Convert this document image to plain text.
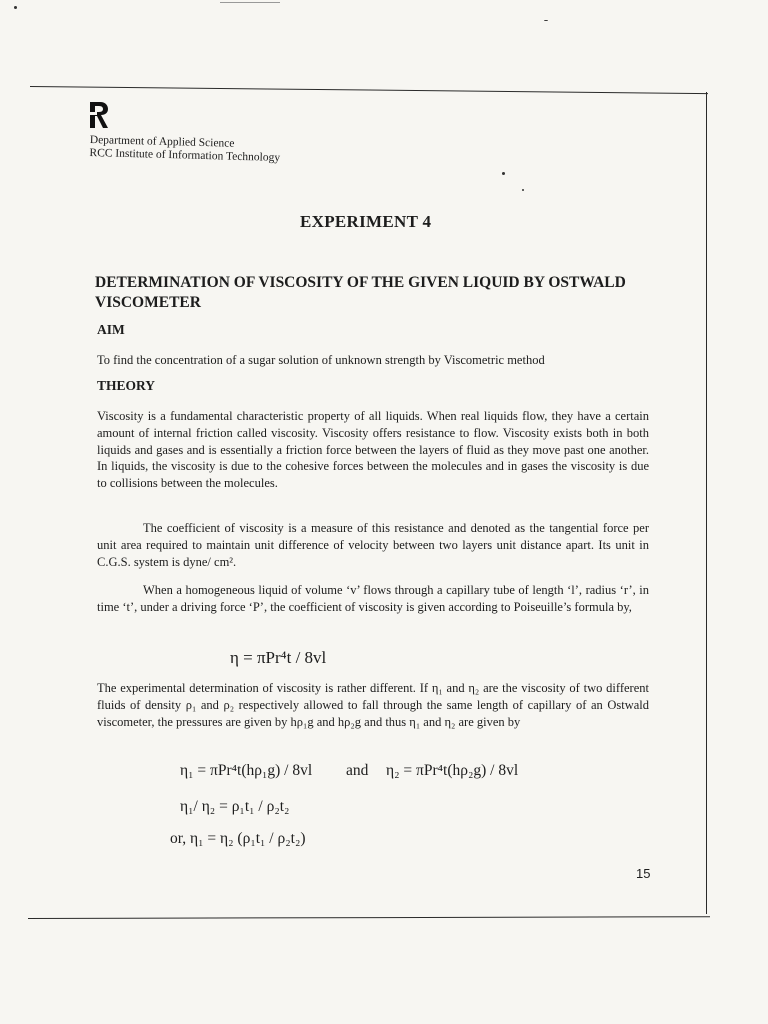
Department of Applied Science
RCC Institute of Information Technology
EXPERIMENT 4
DETERMINATION OF VISCOSITY OF THE GIVEN LIQUID BY OSTWALD VISCOMETER
AIM
To find the concentration of a sugar solution of unknown strength by Viscometric method
THEORY
Viscosity is a fundamental characteristic property of all liquids. When real liquids flow, they have a certain amount of internal friction called viscosity. Viscosity offers resistance to flow. Viscosity exists both in both liquids and gases and is essentially a friction force between the layers of fluid as they move past one another. In liquids, the viscosity is due to the cohesive forces between the molecules and in gases the viscosity is due to collisions between the molecules.
The coefficient of viscosity is a measure of this resistance and denoted as the tangential force per unit area required to maintain unit difference of velocity between two layers unit distance apart. Its unit in C.G.S. system is dyne/ cm².
When a homogeneous liquid of volume ‘v’ flows through a capillary tube of length ‘l’, radius ‘r’, in time ‘t’, under a driving force ‘P’, the coefficient of viscosity is given according to Poiseuille’s formula by,
η = πPr⁴t / 8vl
The experimental determination of viscosity is rather different. If η₁ and η₂ are the viscosity of two different fluids of density ρ₁ and ρ₂ respectively allowed to fall through the same length of capillary of an Ostwald viscometer, the pressures are given by hρ₁g and hρ₂g and thus η₁ and η₂ are given by
η₁ = πPr⁴t(hρ₁g) / 8vl and η₂ = πPr⁴t(hρ₂g) / 8vl
η₁/ η₂ = ρ₁t₁ / ρ₂t₂
or, η₁ = η₂ (ρ₁t₁ / ρ₂t₂)
15
